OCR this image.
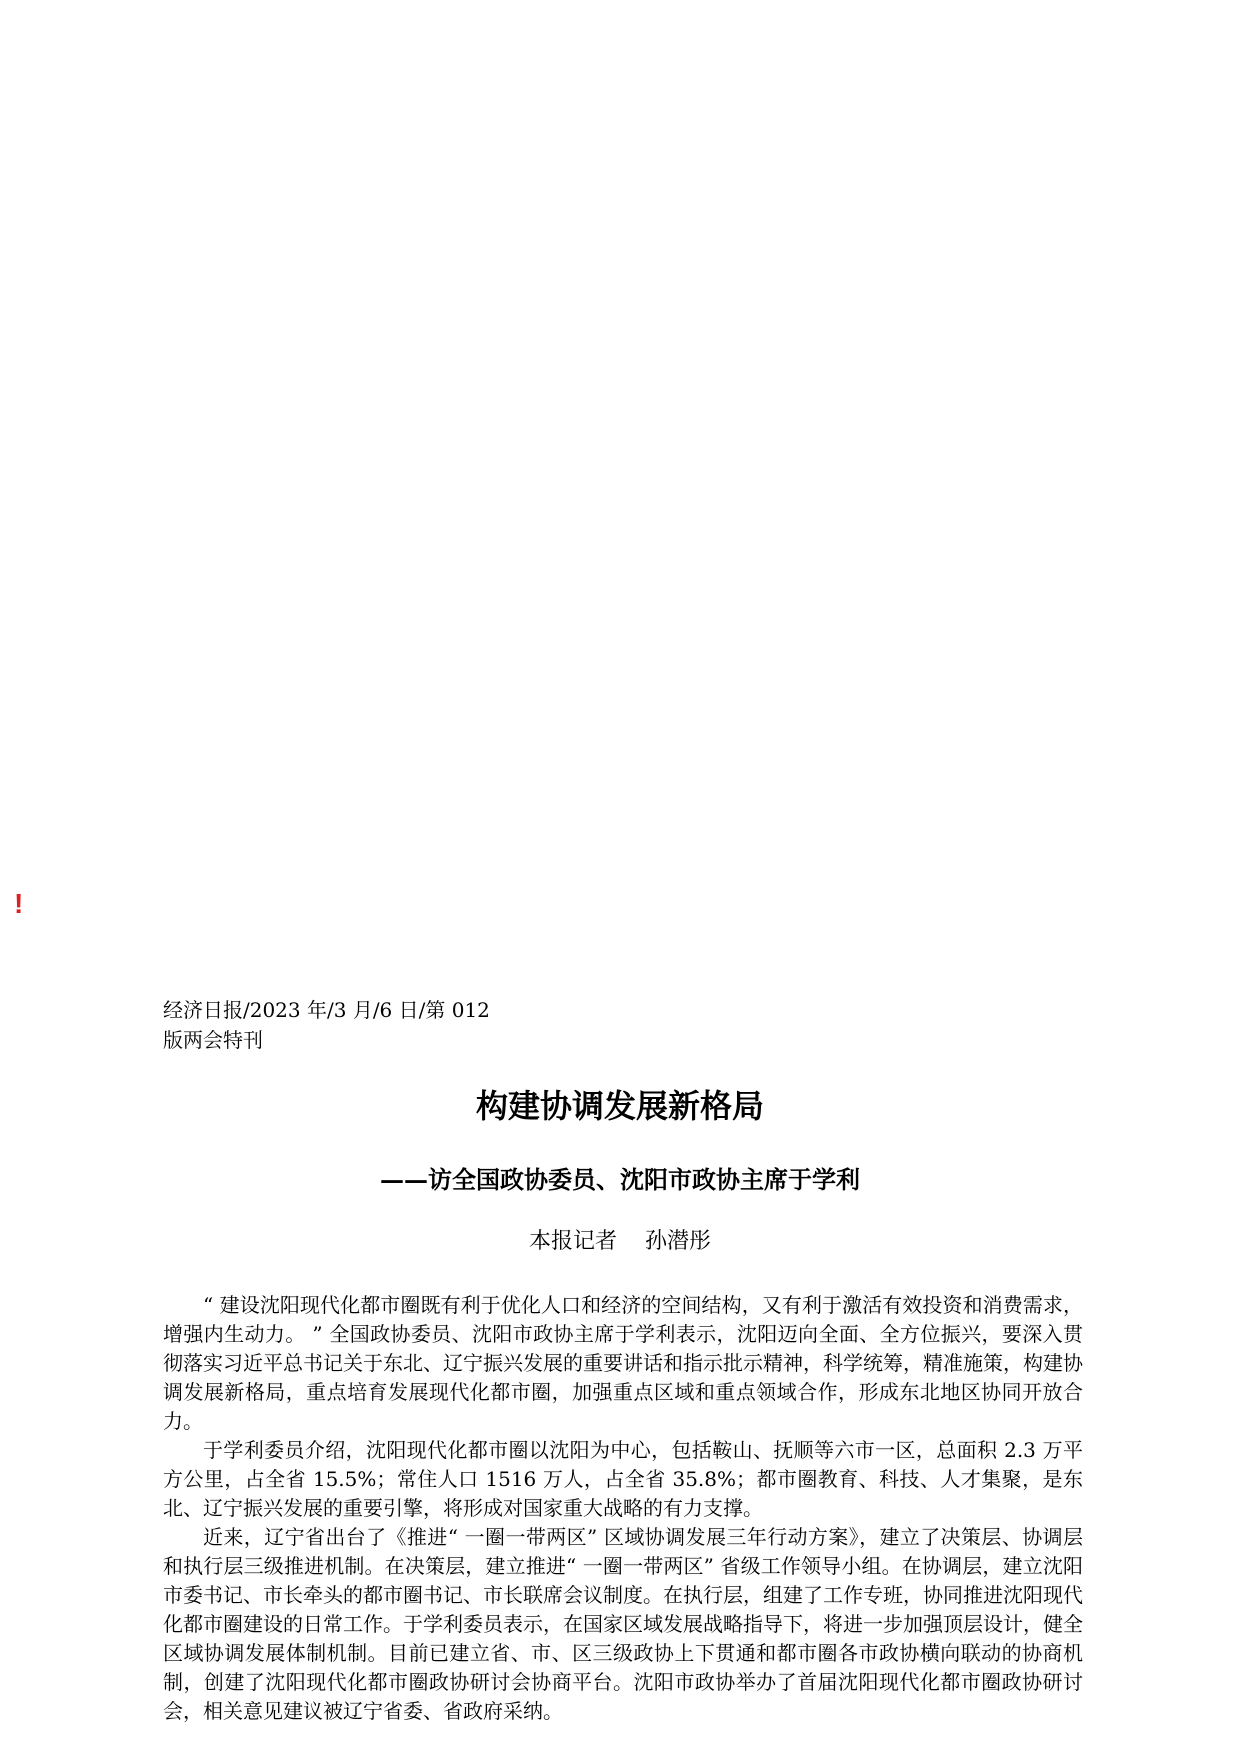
!
经济日报/2023 年/3 月/6 日/第 012
版两会特刊
构建协调发展新格局
——访全国政协委员、沈阳市政协主席于学利
本报记者    孙潜彤

“ 建设沈阳现代化都市圈既有利于优化人口和经济的空间结构，又有利于激活有效投资和消费需求，增强内生动力。 ” 全国政协委员、沈阳市政协主席于学利表示，沈阳迈向全面、全方位振兴，要深入贯彻落实习近平总书记关于东北、辽宁振兴发展的重要讲话和指示批示精神，科学统筹，精准施策，构建协调发展新格局，重点培育发展现代化都市圈，加强重点区域和重点领域合作，形成东北地区协同开放合力。

于学利委员介绍，沈阳现代化都市圈以沈阳为中心，包括鞍山、抚顺等六市一区，总面积 2.3 万平方公里，占全省 15.5%；常住人口 1516 万人，占全省 35.8%；都市圈教育、科技、人才集聚，是东北、辽宁振兴发展的重要引擎，将形成对国家重大战略的有力支撑。

近来，辽宁省出台了《推进“ 一圈一带两区” 区域协调发展三年行动方案》，建立了决策层、协调层和执行层三级推进机制。在决策层，建立推进“ 一圈一带两区” 省级工作领导小组。在协调层，建立沈阳市委书记、市长牵头的都市圈书记、市长联席会议制度。在执行层，组建了工作专班，协同推进沈阳现代化都市圈建设的日常工作。于学利委员表示，在国家区域发展战略指导下，将进一步加强顶层设计，健全区域协调发展体制机制。目前已建立省、市、区三级政协上下贯通和都市圈各市政协横向联动的协商机制，创建了沈阳现代化都市圈政协研讨会协商平台。沈阳市政协举办了首届沈阳现代化都市圈政协研讨会，相关意见建议被辽宁省委、省政府采纳。
